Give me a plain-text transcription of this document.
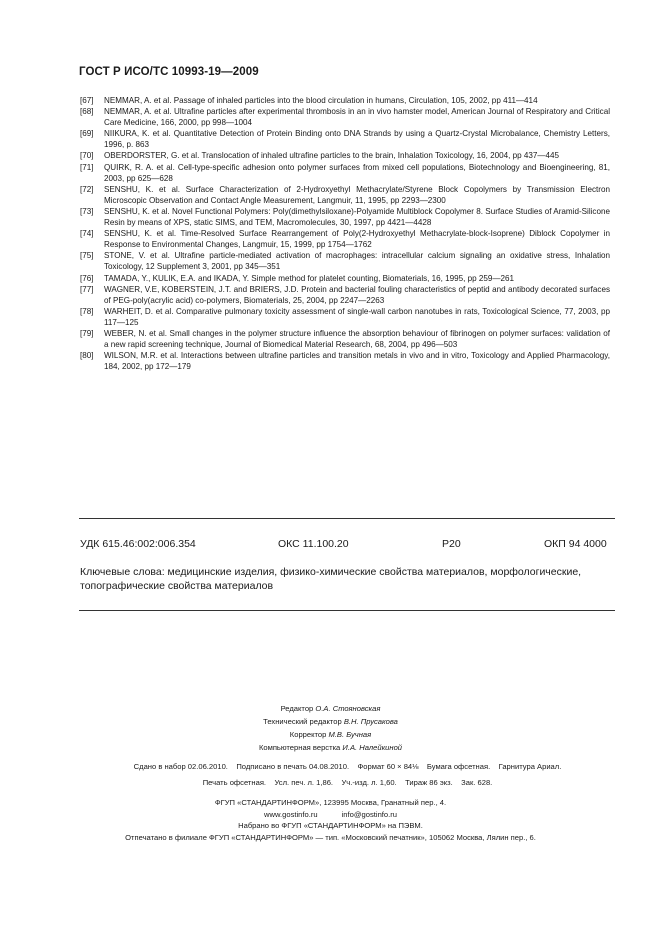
ГОСТ Р ИСО/ТС 10993-19—2009
[67]	NEMMAR, A. et al. Passage of inhaled particles into the blood circulation in humans, Circulation, 105, 2002, pp 411—414
[68]	NEMMAR, A. et al. Ultrafine particles after experimental thrombosis in an in vivo hamster model, American Journal of Respiratory and Critical Care Medicine, 166, 2000, pp 998—1004
[69]	NIIKURA, K. et al. Quantitative Detection of Protein Binding onto DNA Strands by using a Quartz-Crystal Microbalance, Chemistry Letters, 1996, p. 863
[70]	OBERDORSTER, G. et al. Translocation of inhaled ultrafine particles to the brain, Inhalation Toxicology, 16, 2004, pp 437—445
[71]	QUIRK, R. A. et al. Cell-type-specific adhesion onto polymer surfaces from mixed cell populations, Biotechnology and Bioengineering, 81, 2003, pp 625—628
[72]	SENSHU, K. et al. Surface Characterization of 2-Hydroxyethyl Methacrylate/Styrene Block Copolymers by Transmission Electron Microscopic Observation and Contact Angle Measurement, Langmuir, 11, 1995, pp 2293—2300
[73]	SENSHU, K. et al. Novel Functional Polymers: Poly(dimethylsiloxane)-Polyamide Multiblock Copolymer 8. Surface Studies of Aramid-Silicone Resin by means of XPS, static SIMS, and TEM, Macromolecules, 30, 1997, pp 4421—4428
[74]	SENSHU, K. et al. Time-Resolved Surface Rearrangement of Poly(2-Hydroxyethyl Methacrylate-block-Isoprene) Diblock Copolymer in Response to Environmental Changes, Langmuir, 15, 1999, pp 1754—1762
[75]	STONE, V. et al. Ultrafine particle-mediated activation of macrophages: intracellular calcium signaling an oxidative stress, Inhalation Toxicology, 12 Supplement 3, 2001, pp 345—351
[76]	TAMADA, Y., KULIK, E.A. and IKADA, Y. Simple method for platelet counting, Biomaterials, 16, 1995, pp 259—261
[77]	WAGNER, V.E, KOBERSTEIN, J.T. and BRIERS, J.D. Protein and bacterial fouling characteristics of peptid and antibody decorated surfaces of PEG-poly(acrylic acid) co-polymers, Biomaterials, 25, 2004, pp 2247—2263
[78]	WARHEIT, D. et al. Comparative pulmonary toxicity assessment of single-wall carbon nanotubes in rats, Toxicological Science, 77, 2003, pp 117—125
[79]	WEBER, N. et al. Small changes in the polymer structure influence the absorption behaviour of fibrinogen on polymer surfaces: validation of a new rapid screening technique, Journal of Biomedical Material Research, 68, 2004, pp 496—503
[80]	WILSON, M.R. et al. Interactions between ultrafine particles and transition metals in vivo and in vitro, Toxicology and Applied Pharmacology, 184, 2002, pp 172—179
УДК 615.46:002:006.354	ОКС 11.100.20	Р20	ОКП 94 4000
Ключевые слова: медицинские изделия, физико-химические свойства материалов, морфологические, топографические свойства материалов
Редактор О.А. Стояновская
Технический редактор В.Н. Прусакова
Корректор М.В. Бучная
Компьютерная верстка И.А. Налейкиной
Сдано в набор 02.06.2010.    Подписано в печать 04.08.2010.    Формат 60 × 84⅛    Бумага офсетная.    Гарнитура Ариал.
Печать офсетная.    Усл. печ. л. 1,86.    Уч.-изд. л. 1,60.    Тираж 86 экз.    Зак. 628.
ФГУП «СТАНДАРТИНФОРМ», 123995 Москва, Гранатный пер., 4.
www.gostinfo.ru	info@gostinfo.ru
Набрано во ФГУП «СТАНДАРТИНФОРМ» на ПЭВМ.
Отпечатано в филиале ФГУП «СТАНДАРТИНФОРМ» — тип. «Московский печатник», 105062 Москва, Лялин пер., 6.
